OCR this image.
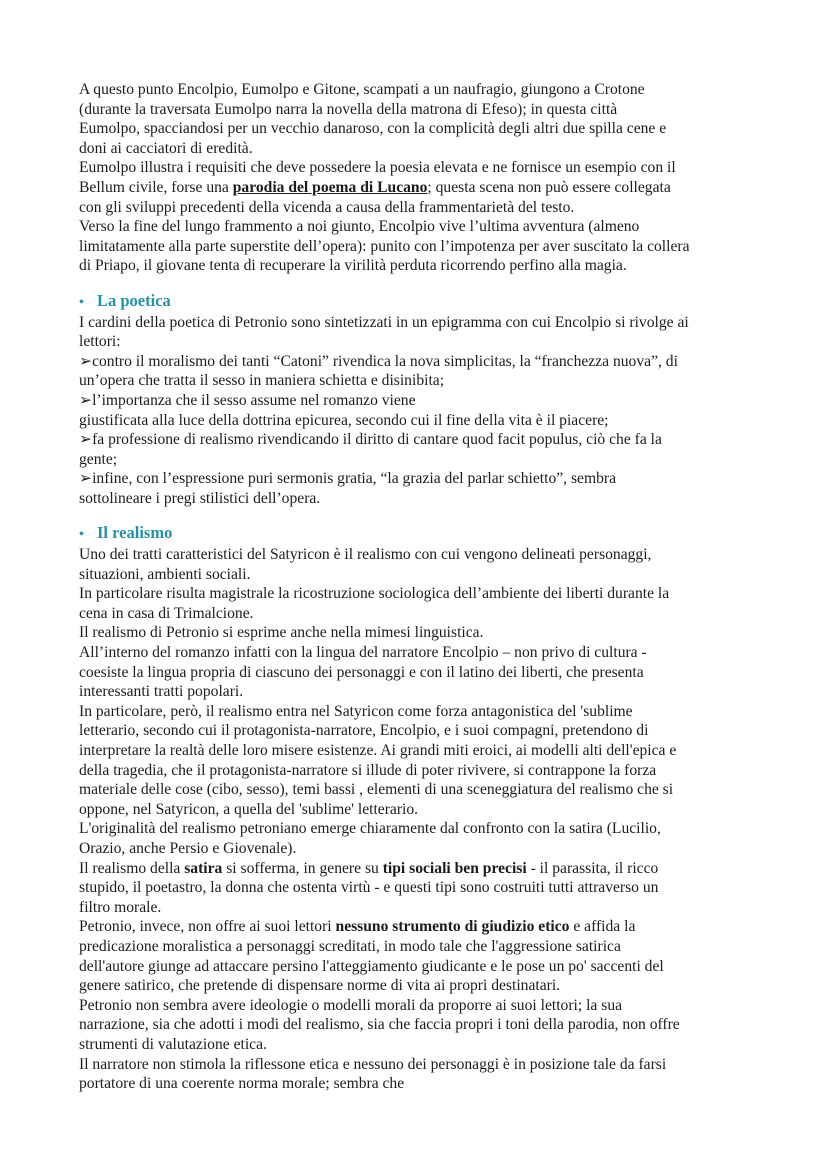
A questo punto Encolpio, Eumolpo e Gitone, scampati a un naufragio, giungono a Crotone
(durante la traversata Eumolpo narra la novella della matrona di Efeso); in questa città
Eumolpo, spacciandosi per un vecchio danaroso, con la complicità degli altri due spilla cene e
doni ai cacciatori di eredità.
Eumolpo illustra i requisiti che deve possedere la poesia elevata e ne fornisce un esempio con il
Bellum civile, forse una parodia del poema di Lucano; questa scena non può essere collegata
con gli sviluppi precedenti della vicenda a causa della frammentarietà del testo.
Verso la fine del lungo frammento a noi giunto, Encolpio vive l’ultima avventura (almeno
limitatamente alla parte superstite dell’opera): punito con l’impotenza per aver suscitato la collera
di Priapo, il giovane tenta di recuperare la virilità perduta ricorrendo perfino alla magia.
• La poetica
I cardini della poetica di Petronio sono sintetizzati in un epigramma con cui Encolpio si rivolge ai
lettori:
➢contro il moralismo dei tanti “Catoni” rivendica la nova simplicitas, la “franchezza nuova”, di
un’opera che tratta il sesso in maniera schietta e disinibita;
➢l’importanza che il sesso assume nel romanzo viene
giustificata alla luce della dottrina epicurea, secondo cui il fine della vita è il piacere;
➢fa professione di realismo rivendicando il diritto di cantare quod facit populus, ciò che fa la
gente;
➢infine, con l’espressione puri sermonis gratia, “la grazia del parlar schietto”, sembra
sottolineare i pregi stilistici dell’opera.
• Il realismo
Uno dei tratti caratteristici del Satyricon è il realismo con cui vengono delineati personaggi,
situazioni, ambienti sociali.
In particolare risulta magistrale la ricostruzione sociologica dell’ambiente dei liberti durante la
cena in casa di Trimalcione.
Il realismo di Petronio si esprime anche nella mimesi linguistica.
All’interno del romanzo infatti con la lingua del narratore Encolpio – non privo di cultura -
coesiste la lingua propria di ciascuno dei personaggi e con il latino dei liberti, che presenta
interessanti tratti popolari.
In particolare, però, il realismo entra nel Satyricon come forza antagonistica del 'sublime
letterario, secondo cui il protagonista-narratore, Encolpio, e i suoi compagni, pretendono di
interpretare la realtà delle loro misere esistenze. Ai grandi miti eroici, ai modelli alti dell'epica e
della tragedia, che il protagonista-narratore si illude di poter rivivere, si contrappone la forza
materiale delle cose (cibo, sesso), temi bassi , elementi di una sceneggiatura del realismo che si
oppone, nel Satyricon, a quella del 'sublime' letterario.
L'originalità del realismo petroniano emerge chiaramente dal confronto con la satira (Lucilio,
Orazio, anche Persio e Giovenale).
Il realismo della satira si sofferma, in genere su tipi sociali ben precisi - il parassita, il ricco
stupido, il poetastro, la donna che ostenta virtù - e questi tipi sono costruiti tutti attraverso un
filtro morale.
Petronio, invece, non offre ai suoi lettori nessuno strumento di giudizio etico e affida la
predicazione moralistica a personaggi screditati, in modo tale che l'aggressione satirica
dell'autore giunge ad attaccare persino l'atteggiamento giudicante e le pose un po' saccenti del
genere satirico, che pretende di dispensare norme di vita ai propri destinatari.
Petronio non sembra avere ideologie o modelli morali da proporre ai suoi lettori; la sua
narrazione, sia che adotti i modi del realismo, sia che faccia propri i toni della parodia, non offre
strumenti di valutazione etica.
Il narratore non stimola la riflessone etica e nessuno dei personaggi è in posizione tale da farsi
portatore di una coerente norma morale; sembra che
